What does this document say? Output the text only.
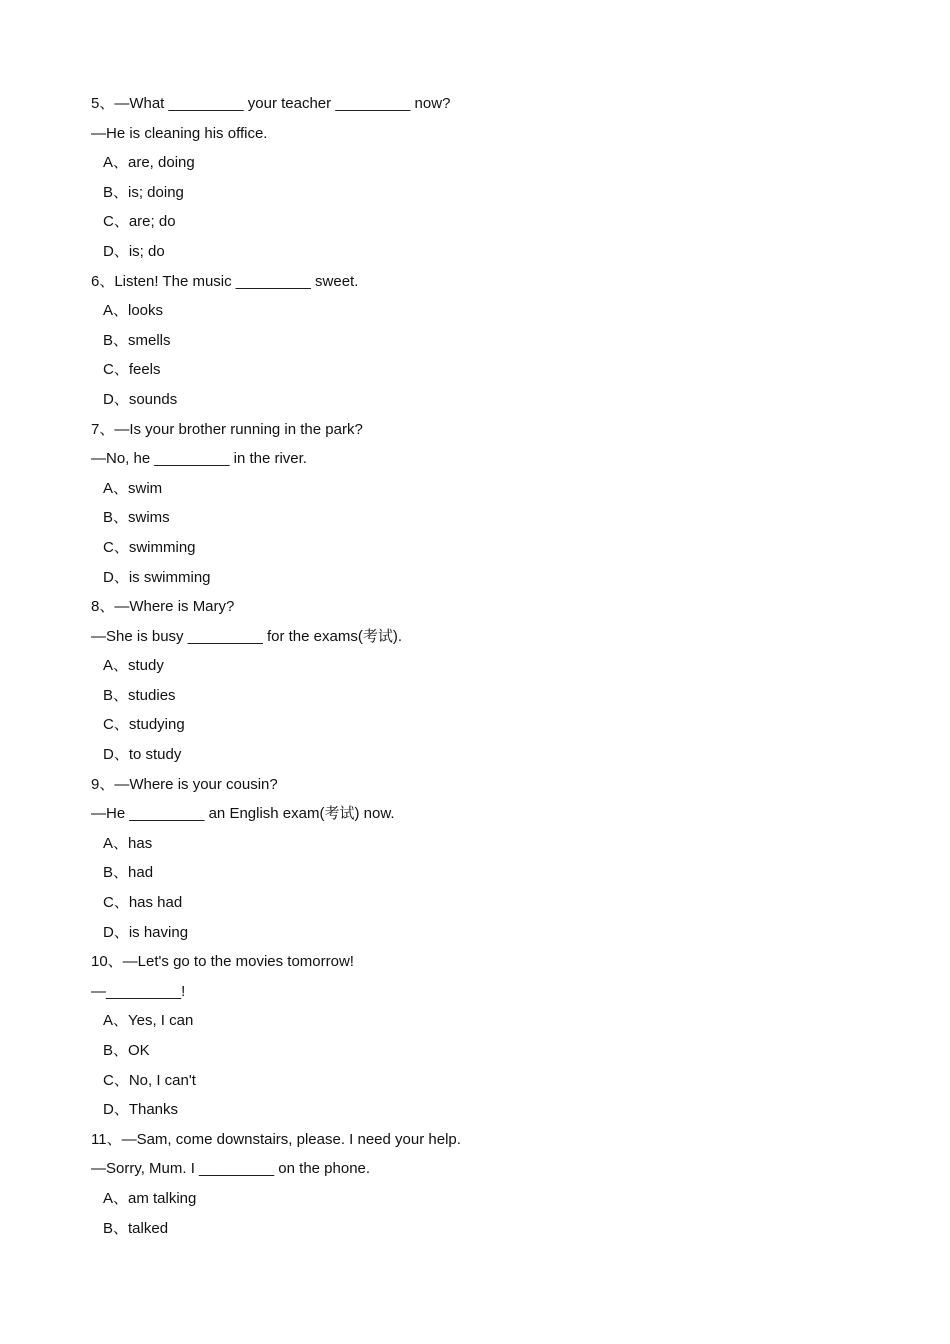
5、—What _________ your teacher _________ now?
—He is cleaning his office.
A、are, doing
B、is; doing
C、are; do
D、is; do
6、Listen! The music _________ sweet.
A、looks
B、smells
C、feels
D、sounds
7、—Is your brother running in the park?
—No, he _________ in the river.
A、swim
B、swims
C、swimming
D、is swimming
8、—Where is Mary?
—She is busy _________ for the exams(考试).
A、study
B、studies
C、studying
D、to study
9、—Where is your cousin?
—He _________ an English exam(考试) now.
A、has
B、had
C、has had
D、is having
10、—Let's go to the movies tomorrow!
—_________!
A、Yes, I can
B、OK
C、No, I can't
D、Thanks
11、—Sam, come downstairs, please. I need your help.
—Sorry, Mum. I _________ on the phone.
A、am talking
B、talked
